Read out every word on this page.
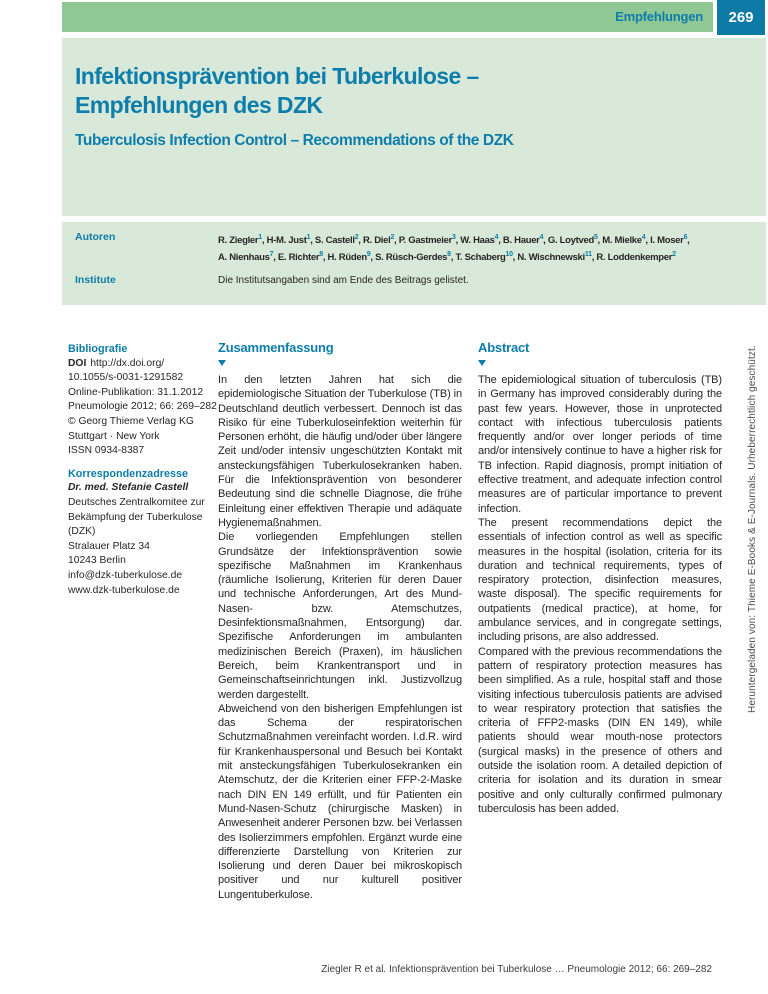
Empfehlungen	269
Infektionsprävention bei Tuberkulose –
Empfehlungen des DZK
Tuberculosis Infection Control – Recommendations of the DZK
Autoren	R. Ziegler$^1$, H-M. Just$^1$, S. Castell$^2$, R. Diel$^2$, P. Gastmeier$^3$, W. Haas$^4$, B. Hauer$^4$, G. Loytved$^5$, M. Mielke$^4$, I. Moser$^6$,
A. Nienhaus$^7$, E. Richter$^8$, H. Rüden$^9$, S. Rüsch-Gerdes$^8$, T. Schaberg$^{10}$, N. Wischnewski$^{11}$, R. Loddenkemper$^2$
Institute	Die Institutsangaben sind am Ende des Beitrags gelistet.
Bibliografie
DOI http://dx.doi.org/
10.1055/s-0031-1291582
Online-Publikation: 31.1.2012
Pneumologie 2012; 66: 269–282
© Georg Thieme Verlag KG
Stuttgart · New York
ISSN 0934-8387
Korrespondenzadresse
Dr. med. Stefanie Castell
Deutsches Zentralkomitee zur
Bekämpfung der Tuberkulose
(DZK)
Stralauer Platz 34
10243 Berlin
info@dzk-tuberkulose.de
www.dzk-tuberkulose.de
Zusammenfassung

In den letzten Jahren hat sich die epidemiologische Situation der Tuberkulose (TB) in Deutschland deutlich verbessert. Dennoch ist das Risiko für eine Tuberkuloseinfektion weiterhin für Personen erhöht, die häufig und/oder über längere Zeit und/oder intensiv ungeschützten Kontakt mit ansteckungsfähigen Tuberkulosekranken haben. Für die Infektionsprävention von besonderer Bedeutung sind die schnelle Diagnose, die frühe Einleitung einer effektiven Therapie und adäquate Hygienemaßnahmen.

Die vorliegenden Empfehlungen stellen Grundsätze der Infektionsprävention sowie spezifische Maßnahmen im Krankenhaus (räumliche Isolierung, Kriterien für deren Dauer und technische Anforderungen, Art des Mund-Nasen- bzw. Atemschutzes, Desinfektionsmaßnahmen, Entsorgung) dar. Spezifische Anforderungen im ambulanten medizinischen Bereich (Praxen), im häuslichen Bereich, beim Krankentransport und in Gemeinschaftseinrichtungen inkl. Justizvollzug werden dargestellt.

Abweichend von den bisherigen Empfehlungen ist das Schema der respiratorischen Schutzmaßnahmen vereinfacht worden. I.d.R. wird für Krankenhauspersonal und Besuch bei Kontakt mit ansteckungsfähigen Tuberkulosekranken ein Atemschutz, der die Kriterien einer FFP-2-Maske nach DIN EN 149 erfüllt, und für Patienten ein Mund-Nasen-Schutz (chirurgische Masken) in Anwesenheit anderer Personen bzw. bei Verlassen des Isolierzimmers empfohlen. Ergänzt wurde eine differenzierte Darstellung von Kriterien zur Isolierung und deren Dauer bei mikroskopisch positiver und nur kulturell positiver Lungentuberkulose.

Abstract

The epidemiological situation of tuberculosis (TB) in Germany has improved considerably during the past few years. However, those in unprotected contact with infectious tuberculosis patients frequently and/or over longer periods of time and/or intensively continue to have a higher risk for TB infection. Rapid diagnosis, prompt initiation of effective treatment, and adequate infection control measures are of particular importance to prevent infection.

The present recommendations depict the essentials of infection control as well as specific measures in the hospital (isolation, criteria for its duration and technical requirements, types of respiratory protection, disinfection measures, waste disposal). The specific requirements for outpatients (medical practice), at home, for ambulance services, and in congregate settings, including prisons, are also addressed.

Compared with the previous recommendations the pattern of respiratory protection measures has been simplified. As a rule, hospital staff and those visiting infectious tuberculosis patients are advised to wear respiratory protection that satisfies the criteria of FFP2-masks (DIN EN 149), while patients should wear mouth-nose protectors (surgical masks) in the presence of others and outside the isolation room. A detailed depiction of criteria for isolation and its duration in smear positive and only culturally confirmed pulmonary tuberculosis has been added.

Heruntergeladen von: Thieme E-Books & E-Journals. Urheberrechtlich geschützt.
Ziegler R et al. Infektionsprävention bei Tuberkulose … Pneumologie 2012; 66: 269–282
